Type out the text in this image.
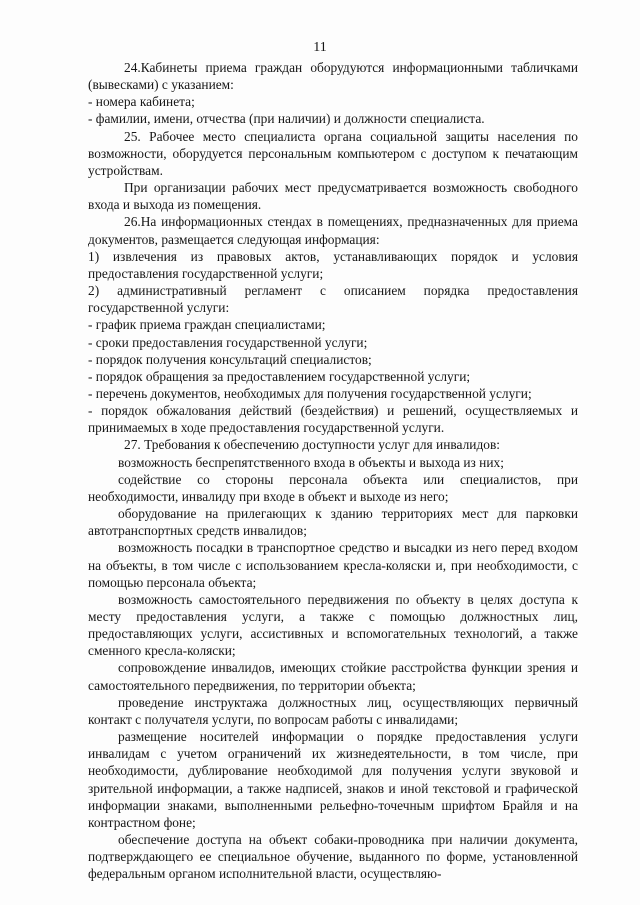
11

24.Кабинеты приема граждан оборудуются информационными табличками (вывесками) с указанием:

- номера кабинета;

- фамилии, имени, отчества (при наличии) и должности специалиста.

25. Рабочее место специалиста органа социальной защиты населения по возможности, оборудуется персональным компьютером с доступом к печатающим устройствам.

При организации рабочих мест предусматривается возможность свободного входа и выхода из помещения.

26.На информационных стендах в помещениях, предназначенных для приема документов, размещается следующая информация:

1) извлечения из правовых актов, устанавливающих порядок и условия предоставления государственной услуги;

2) административный регламент с описанием порядка предоставления государственной услуги:

- график приема граждан специалистами;

- сроки предоставления государственной услуги;

- порядок получения консультаций специалистов;

- порядок обращения за предоставлением государственной услуги;

- перечень документов, необходимых для получения государственной услуги;

- порядок обжалования действий (бездействия) и решений, осуществляемых и принимаемых в ходе предоставления государственной услуги.

27. Требования к обеспечению доступности услуг для инвалидов:

возможность беспрепятственного входа в объекты и выхода из них;

содействие со стороны персонала объекта или специалистов, при необходимости, инвалиду при входе в объект и выходе из него;

оборудование на прилегающих к зданию территориях мест для парковки автотранспортных средств инвалидов;

возможность посадки в транспортное средство и высадки из него перед входом на объекты, в том числе с использованием кресла-коляски и, при необходимости, с помощью персонала объекта;

возможность самостоятельного передвижения по объекту в целях доступа к месту предоставления услуги, а также с помощью должностных лиц, предоставляющих услуги, ассистивных и вспомогательных технологий, а также сменного кресла-коляски;

сопровождение инвалидов, имеющих стойкие расстройства функции зрения и самостоятельного передвижения, по территории объекта;

проведение инструктажа должностных лиц, осуществляющих первичный контакт с получателя услуги, по вопросам работы с инвалидами;

размещение носителей информации о порядке предоставления услуги инвалидам с учетом ограничений их жизнедеятельности, в том числе, при необходимости, дублирование необходимой для получения услуги звуковой и зрительной информации, а также надписей, знаков и иной текстовой и графической информации знаками, выполненными рельефно-точечным шрифтом Брайля и на контрастном фоне;

обеспечение доступа на объект собаки-проводника при наличии документа, подтверждающего ее специальное обучение, выданного по форме, установленной федеральным органом исполнительной власти, осуществляю-
